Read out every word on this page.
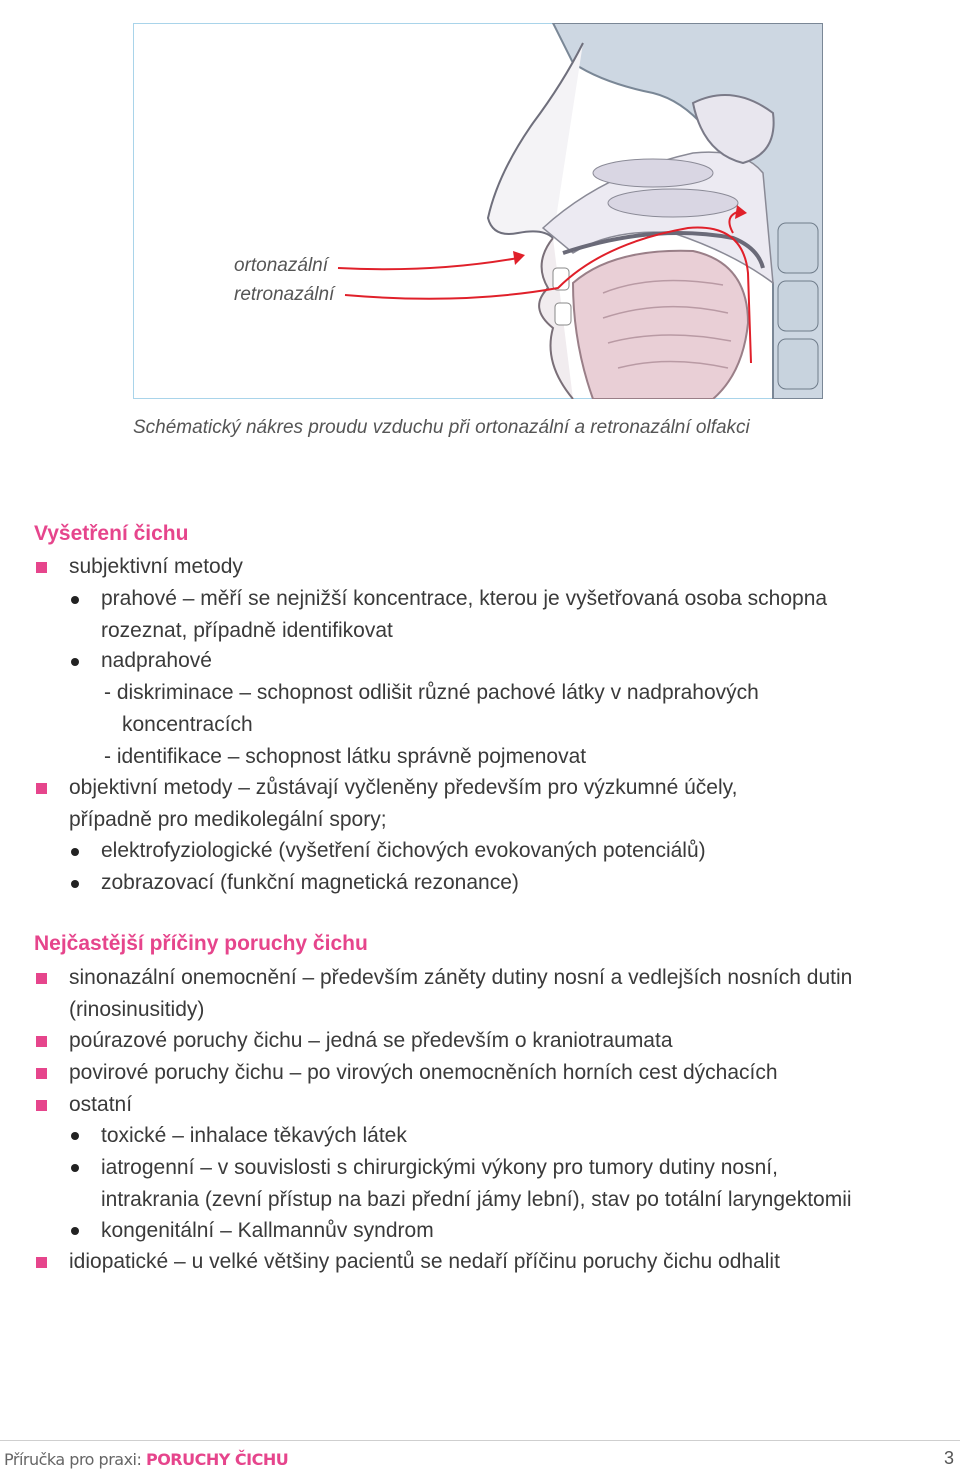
ortonazální
retronazální
Schématický nákres proudu vzduchu při ortonazální a retronazální olfakci
Vyšetření čichu
subjektivní metody
prahové – měří se nejnižší koncentrace, kterou je vyšetřovaná osoba schopna
rozeznat, případně identifikovat
nadprahové
- diskriminace – schopnost odlišit různé pachové látky v nadprahových
koncentracích
- identifikace – schopnost látku správně pojmenovat
objektivní metody – zůstávají vyčleněny především pro výzkumné účely,
případně pro medikolegální spory;
elektrofyziologické (vyšetření čichových evokovaných potenciálů)
zobrazovací (funkční magnetická rezonance)
Nejčastější příčiny poruchy čichu
sinonazální onemocnění – především záněty dutiny nosní a vedlejších nosních dutin
(rinosinusitidy)
poúrazové poruchy čichu – jedná se především o kraniotraumata
povirové poruchy čichu – po virových onemocněních horních cest dýchacích
ostatní
toxické – inhalace těkavých látek
iatrogenní – v souvislosti s chirurgickými výkony pro tumory dutiny nosní,
intrakrania (zevní přístup na bazi přední jámy lební), stav po totální laryngektomii
kongenitální – Kallmannův syndrom
idiopatické – u velké většiny pacientů se nedaří příčinu poruchy čichu odhalit
Příručka pro praxi: PORUCHY ČICHU	3
